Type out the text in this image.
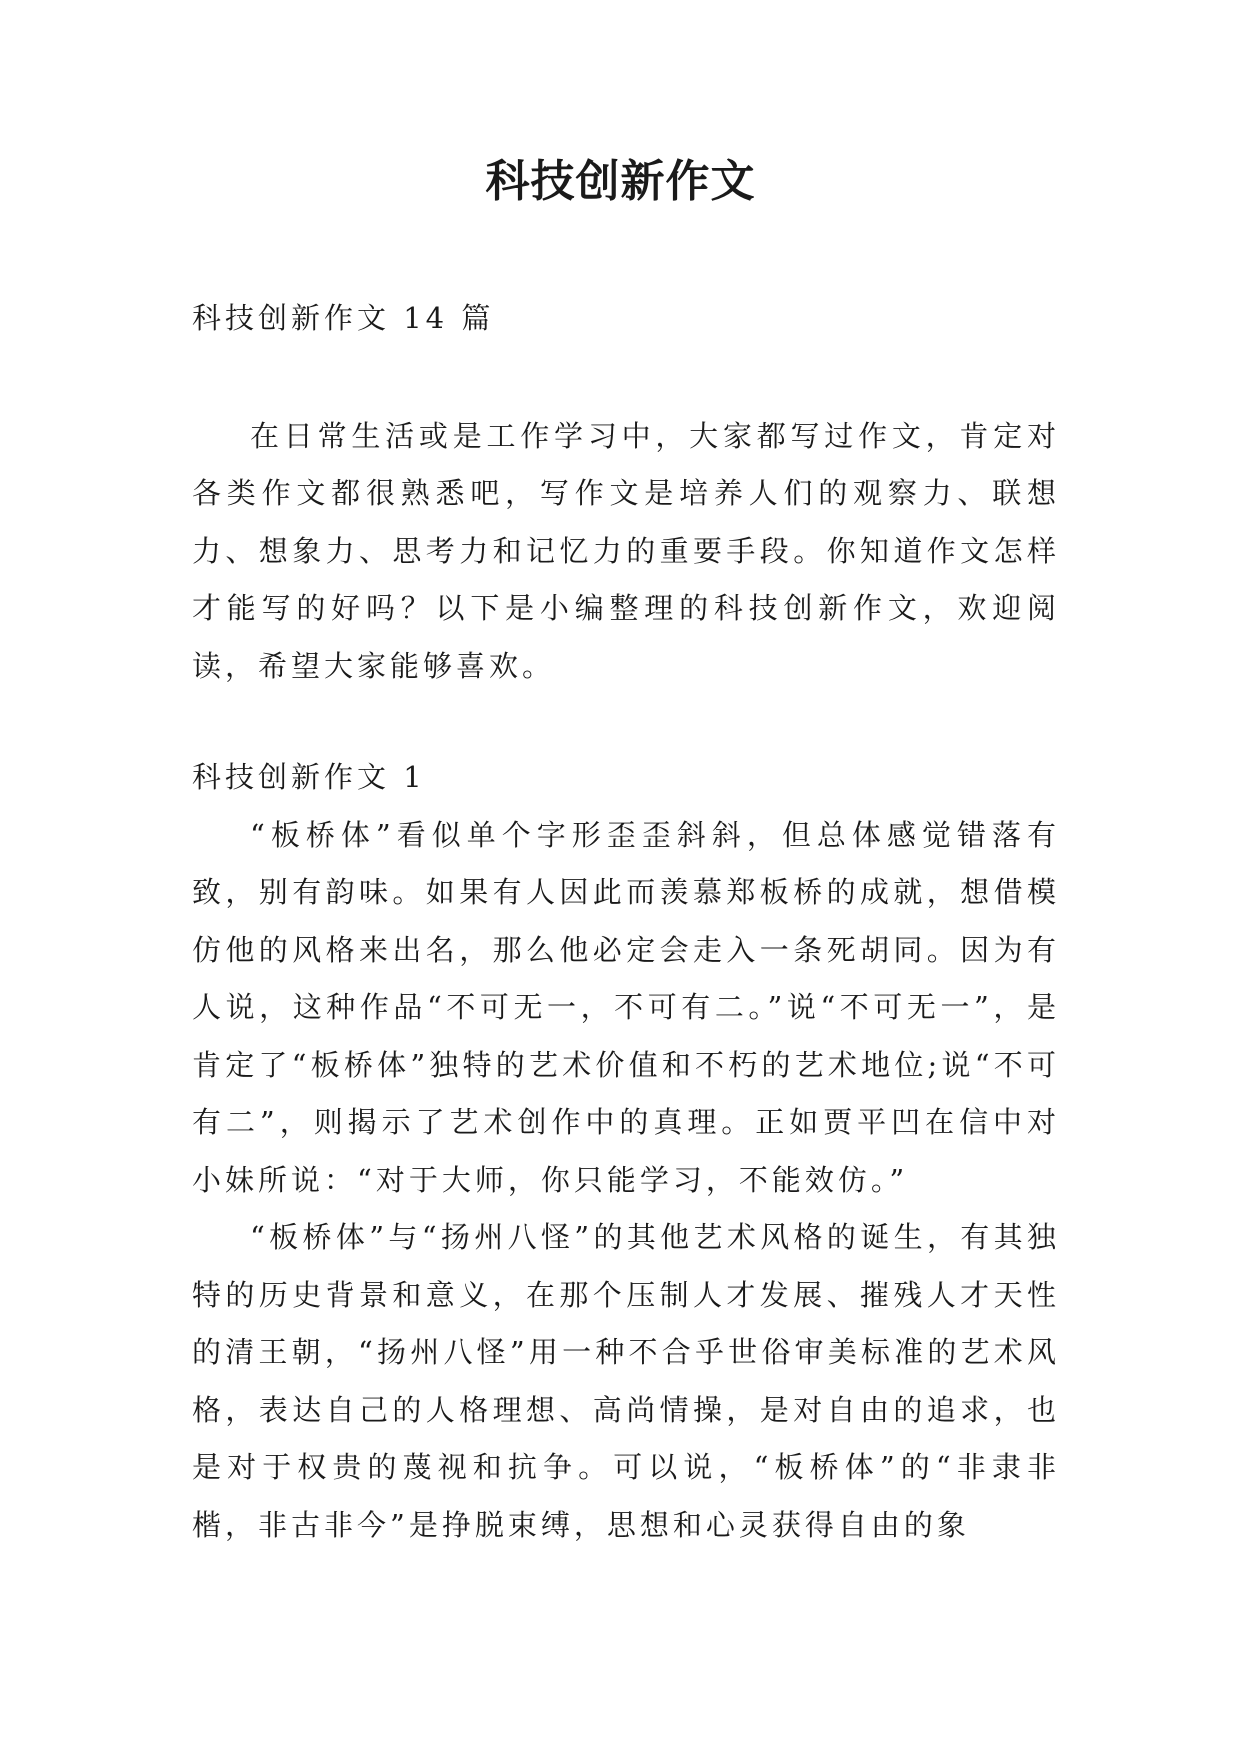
科技创新作文

科技创新作文 14 篇

在日常生活或是工作学习中，大家都写过作文，肯定对各类作文都很熟悉吧，写作文是培养人们的观察力、联想力、想象力、思考力和记忆力的重要手段。你知道作文怎样才能写的好吗？以下是小编整理的科技创新作文，欢迎阅读，希望大家能够喜欢。

科技创新作文 1

“板桥体”看似单个字形歪歪斜斜，但总体感觉错落有致，别有韵味。如果有人因此而羡慕郑板桥的成就，想借模仿他的风格来出名，那么他必定会走入一条死胡同。因为有人说，这种作品“不可无一，不可有二。”说“不可无一”，是肯定了“板桥体”独特的艺术价值和不朽的艺术地位;说“不可有二”，则揭示了艺术创作中的真理。正如贾平凹在信中对小妹所说：“对于大师，你只能学习，不能效仿。”

“板桥体”与“扬州八怪”的其他艺术风格的诞生，有其独特的历史背景和意义，在那个压制人才发展、摧残人才天性的清王朝，“扬州八怪”用一种不合乎世俗审美标准的艺术风格，表达自己的人格理想、高尚情操，是对自由的追求，也是对于权贵的蔑视和抗争。可以说，“板桥体”的“非隶非楷，非古非今”是挣脱束缚，思想和心灵获得自由的象
